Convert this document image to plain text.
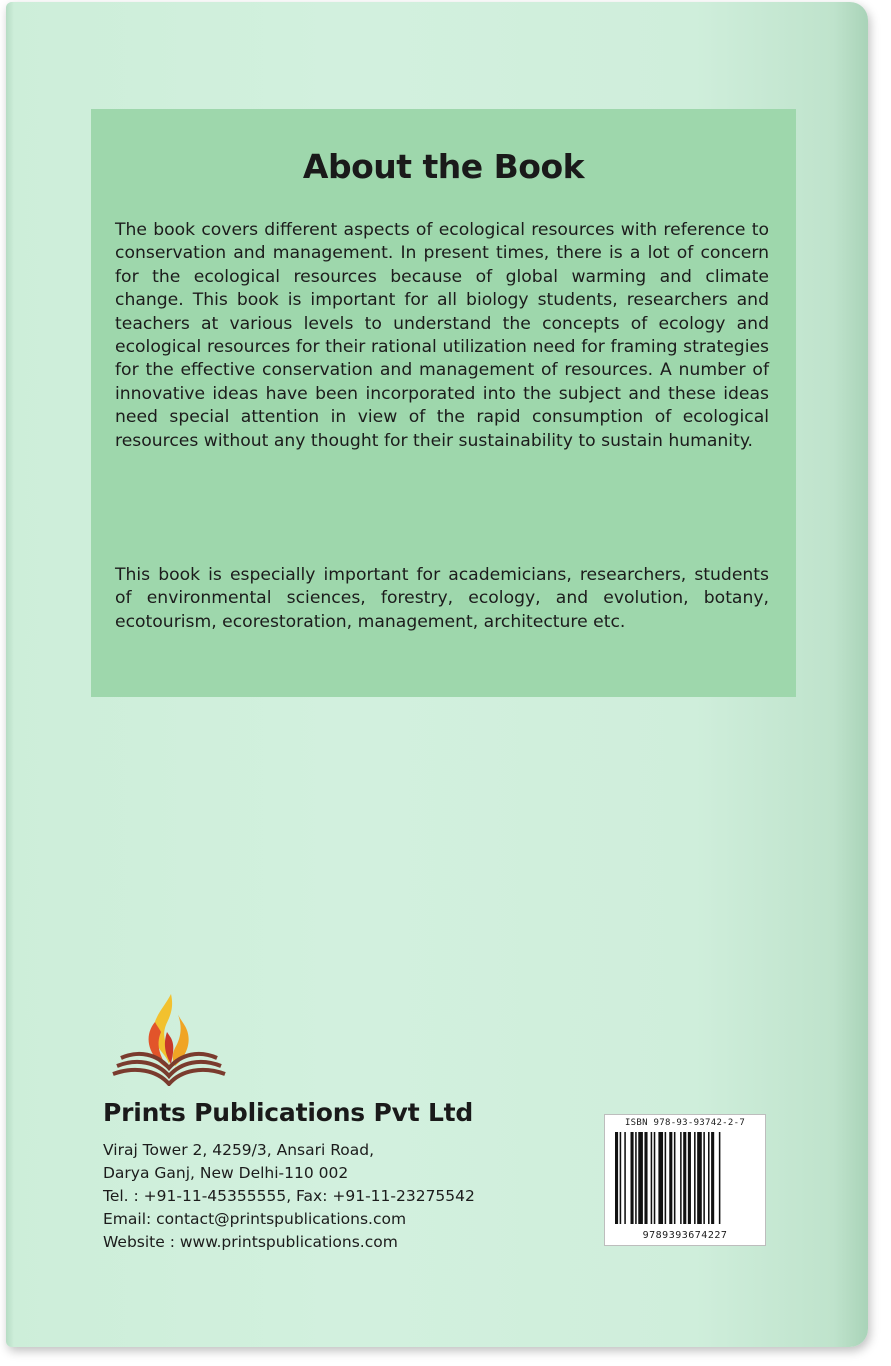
About the Book

The book covers different aspects of ecological resources with reference to conservation and management. In present times, there is a lot of concern for the ecological resources because of global warming and climate change. This book is important for all biology students, researchers and teachers at various levels to understand the concepts of ecology and ecological resources for their rational utilization need for framing strategies for the effective conservation and management of resources. A number of innovative ideas have been incorporated into the subject and these ideas need special attention in view of the rapid consumption of ecological resources without any thought for their sustainability to sustain humanity.

This book is especially important for academicians, researchers, students of environmental sciences, forestry, ecology, and evolution, botany, ecotourism, ecorestoration, management, architecture etc.

Prints Publications Pvt Ltd
Viraj Tower 2, 4259/3, Ansari Road,
Darya Ganj, New Delhi-110 002
Tel. : +91-11-45355555, Fax: +91-11-23275542
Email: contact@printspublications.com
Website : www.printspublications.com
ISBN 978-93-93742-2-7
9789393674227
